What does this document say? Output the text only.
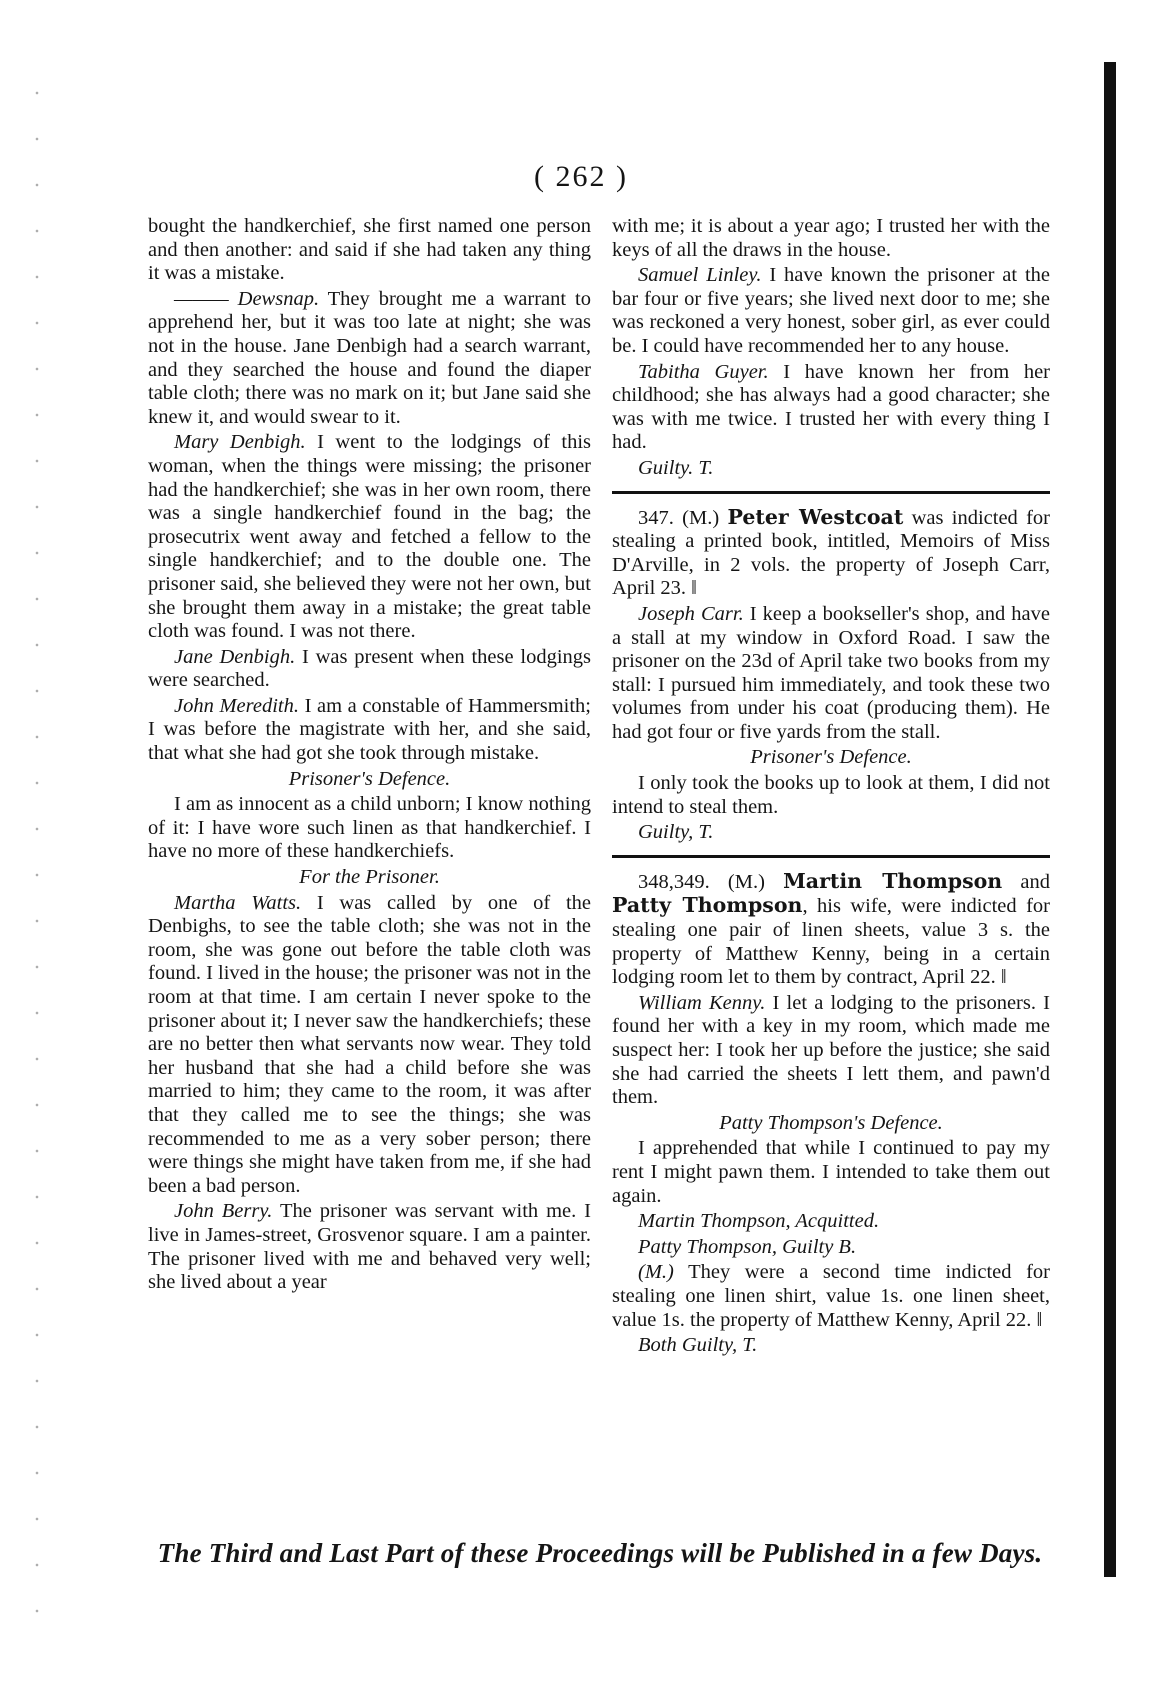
( 262 )

bought the handkerchief, she first named one person and then another: and said if she had taken any thing it was a mistake.

——— Dewsnap. They brought me a warrant to apprehend her, but it was too late at night; she was not in the house. Jane Denbigh had a search warrant, and they searched the house and found the diaper table cloth; there was no mark on it; but Jane said she knew it, and would swear to it.

Mary Denbigh. I went to the lodgings of this woman, when the things were missing; the prisoner had the handkerchief; she was in her own room, there was a single handkerchief found in the bag; the prosecutrix went away and fetched a fellow to the single handkerchief; and to the double one. The prisoner said, she believed they were not her own, but she brought them away in a mistake; the great table cloth was found. I was not there.

Jane Denbigh. I was present when these lodgings were searched.

John Meredith. I am a constable of Hammersmith; I was before the magistrate with her, and she said, that what she had got she took through mistake.

Prisoner's Defence.

I am as innocent as a child unborn; I know nothing of it: I have wore such linen as that handkerchief. I have no more of these handkerchiefs.

For the Prisoner.

Martha Watts. I was called by one of the Denbighs, to see the table cloth; she was not in the room, she was gone out before the table cloth was found. I lived in the house; the prisoner was not in the room at that time. I am certain I never spoke to the prisoner about it; I never saw the handkerchiefs; these are no better then what servants now wear. They told her husband that she had a child before she was married to him; they came to the room, it was after that they called me to see the things; she was recommended to me as a very sober person; there were things she might have taken from me, if she had been a bad person.

John Berry. The prisoner was servant with me. I live in James-street, Grosvenor square. I am a painter. The prisoner lived with me and behaved very well; she lived about a year

with me; it is about a year ago; I trusted her with the keys of all the draws in the house.

Samuel Linley. I have known the prisoner at the bar four or five years; she lived next door to me; she was reckoned a very honest, sober girl, as ever could be. I could have recommended her to any house.

Tabitha Guyer. I have known her from her childhood; she has always had a good character; she was with me twice. I trusted her with every thing I had.

Guilty. T.

347. (M.) Peter Westcoat was indicted for stealing a printed book, intitled, Memoirs of Miss D'Arville, in 2 vols. the property of Joseph Carr, April 23. ‖

Joseph Carr. I keep a bookseller's shop, and have a stall at my window in Oxford Road. I saw the prisoner on the 23d of April take two books from my stall: I pursued him immediately, and took these two volumes from under his coat (producing them). He had got four or five yards from the stall.

Prisoner's Defence.

I only took the books up to look at them, I did not intend to steal them.

Guilty, T.

348,349. (M.) Martin Thompson and Patty Thompson, his wife, were indicted for stealing one pair of linen sheets, value 3 s. the property of Matthew Kenny, being in a certain lodging room let to them by contract, April 22. ‖

William Kenny. I let a lodging to the prisoners. I found her with a key in my room, which made me suspect her: I took her up before the justice; she said she had carried the sheets I lett them, and pawn'd them.

Patty Thompson's Defence.

I apprehended that while I continued to pay my rent I might pawn them. I intended to take them out again.

Martin Thompson, Acquitted.
Patty Thompson, Guilty B.

(M.) They were a second time indicted for stealing one linen shirt, value 1s. one linen sheet, value 1s. the property of Matthew Kenny, April 22. ‖

Both Guilty, T.
The Third and Last Part of these Proceedings will be Published in a few Days.
